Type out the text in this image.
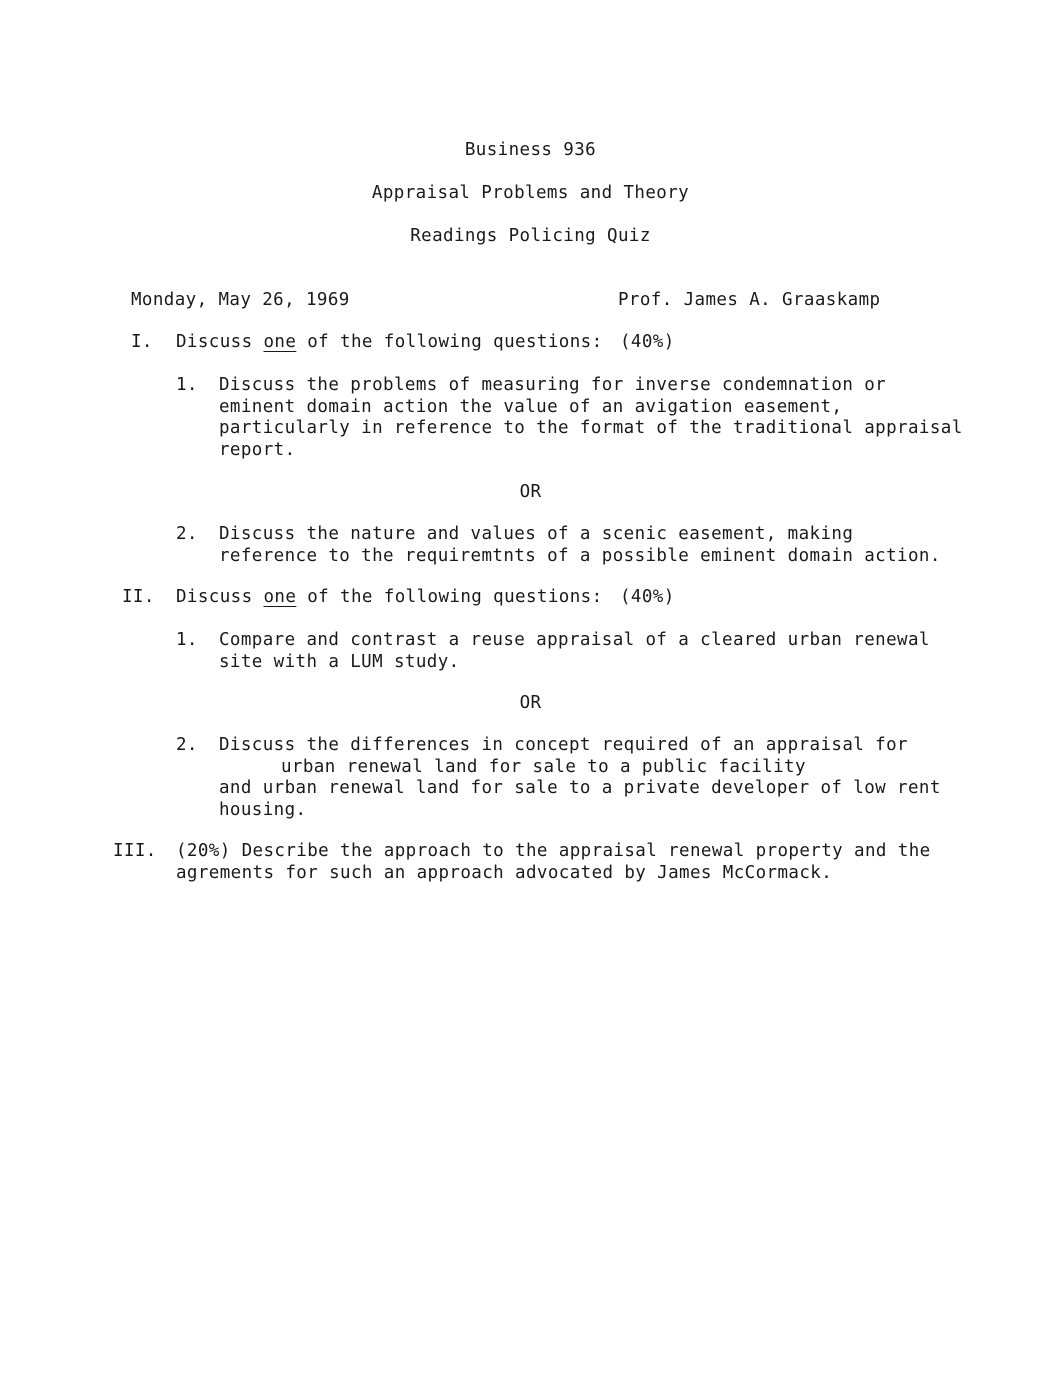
Business 936
Appraisal Problems and Theory
Readings Policing Quiz
Monday, May 26, 1969	Prof. James A. Graaskamp
I. Discuss one of the following questions: (40%)
1. Discuss the problems of measuring for inverse condemnation or
eminent domain action the value of an avigation easement,
particularly in reference to the format of the traditional appraisal
report.
OR
2. Discuss the nature and values of a scenic easement, making
reference to the requiremtnts of a possible eminent domain action.
II. Discuss one of the following questions: (40%)
1. Compare and contrast a reuse appraisal of a cleared urban renewal
site with a LUM study.
OR
2. Discuss the differences in concept required of an appraisal for
urban renewal land for sale to a public facility
and urban renewal land for sale to a private developer of low rent
housing.
III. (20%) Describe the approach to the appraisal renewal property and the
agrements for such an approach advocated by James McCormack.
